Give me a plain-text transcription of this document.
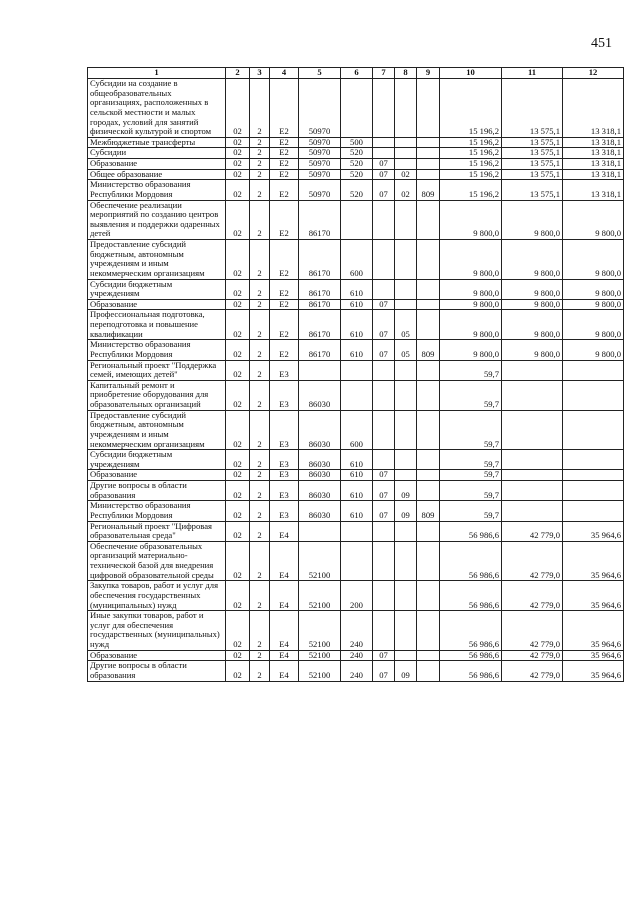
451
1	2	3	4	5	6	7	8	9	10	11	12
Субсидии на создание в общеобразовательных организациях, расположенных в сельской местности и малых городах, условий для занятий физической культурой и спортом	02	2	E2	50970					15 196,2	13 575,1	13 318,1
Межбюджетные трансферты	02	2	E2	50970	500				15 196,2	13 575,1	13 318,1
Субсидии	02	2	E2	50970	520				15 196,2	13 575,1	13 318,1
Образование	02	2	E2	50970	520	07			15 196,2	13 575,1	13 318,1
Общее образование	02	2	E2	50970	520	07	02		15 196,2	13 575,1	13 318,1
Министерство образования Республики Мордовия	02	2	E2	50970	520	07	02	809	15 196,2	13 575,1	13 318,1
Обеспечение реализации мероприятий по созданию центров выявления и поддержки одаренных детей	02	2	E2	86170					9 800,0	9 800,0	9 800,0
Предоставление субсидий бюджетным, автономным учреждениям и иным некоммерческим организациям	02	2	E2	86170	600				9 800,0	9 800,0	9 800,0
Субсидии бюджетным учреждениям	02	2	E2	86170	610				9 800,0	9 800,0	9 800,0
Образование	02	2	E2	86170	610	07			9 800,0	9 800,0	9 800,0
Профессиональная подготовка, переподготовка и повышение квалификации	02	2	E2	86170	610	07	05		9 800,0	9 800,0	9 800,0
Министерство образования Республики Мордовия	02	2	E2	86170	610	07	05	809	9 800,0	9 800,0	9 800,0
Региональный проект "Поддержка семей, имеющих детей"	02	2	E3						59,7		
Капитальный ремонт и приобретение оборудования для образовательных организаций	02	2	E3	86030					59,7		
Предоставление субсидий бюджетным, автономным учреждениям и иным некоммерческим организациям	02	2	E3	86030	600				59,7		
Субсидии бюджетным учреждениям	02	2	E3	86030	610				59,7		
Образование	02	2	E3	86030	610	07			59,7		
Другие вопросы в области образования	02	2	E3	86030	610	07	09		59,7		
Министерство образования Республики Мордовия	02	2	E3	86030	610	07	09	809	59,7		
Региональный проект "Цифровая образовательная среда"	02	2	E4						56 986,6	42 779,0	35 964,6
Обеспечение образовательных организаций материально-технической базой для внедрения цифровой образовательной среды	02	2	E4	52100					56 986,6	42 779,0	35 964,6
Закупка товаров, работ и услуг для обеспечения государственных (муниципальных) нужд	02	2	E4	52100	200				56 986,6	42 779,0	35 964,6
Иные закупки товаров, работ и услуг для обеспечения государственных (муниципальных) нужд	02	2	E4	52100	240				56 986,6	42 779,0	35 964,6
Образование	02	2	E4	52100	240	07			56 986,6	42 779,0	35 964,6
Другие вопросы в области образования	02	2	E4	52100	240	07	09		56 986,6	42 779,0	35 964,6
